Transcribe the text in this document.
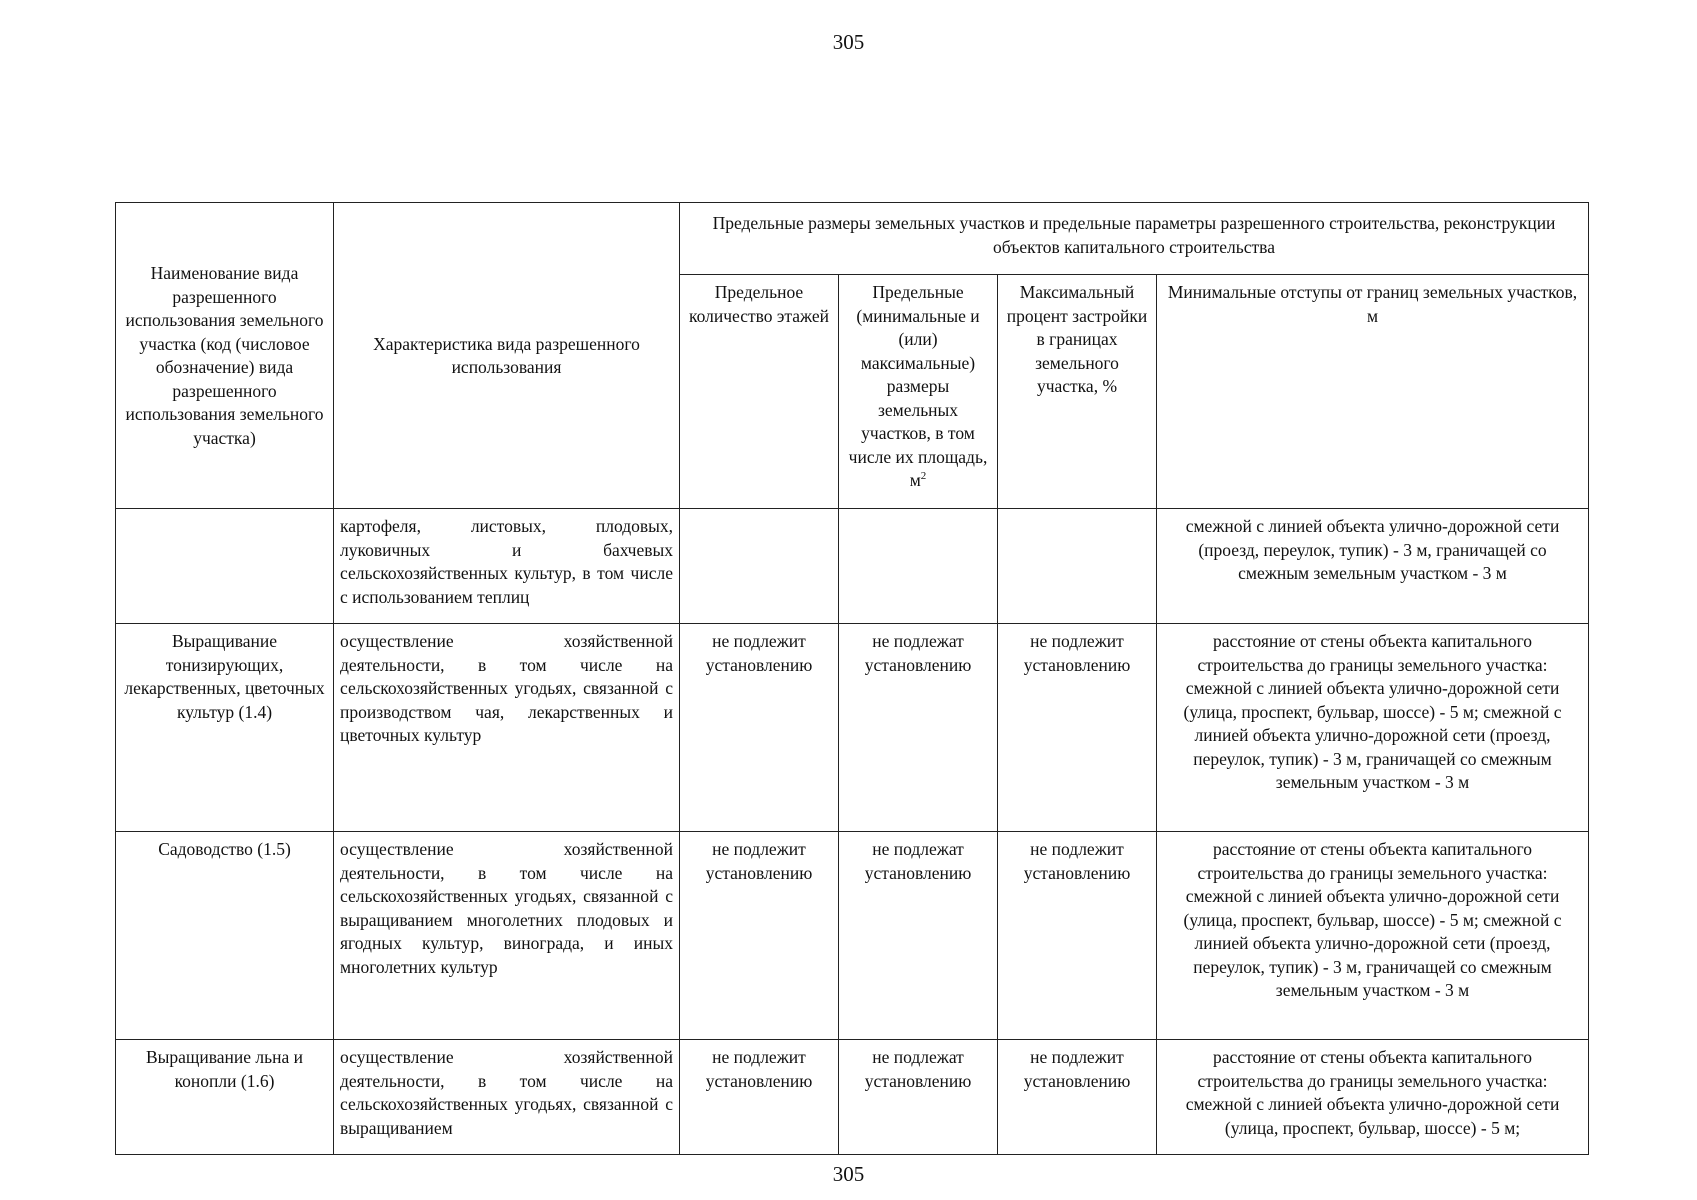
305
Наименование вида разрешенного использования земельного участка (код (числовое обозначение) вида разрешенного использования земельного участка)	Характеристика вида разрешенного использования	Предельные размеры земельных участков и предельные параметры разрешенного строительства, реконструкции объектов капитального строительства			
		Предельное количество этажей	Предельные (минимальные и (или) максимальные) размеры земельных участков, в том числе их площадь, $м^2$	Максимальный процент застройки в границах земельного участка, %	Минимальные отступы от границ земельных участков, м
	картофеля, листовых, плодовых, луковичных и бахчевых сельскохозяйственных культур, в том числе с использованием теплиц				смежной с линией объекта улично-дорожной сети (проезд, переулок, тупик) - 3 м, граничащей со смежным земельным участком - 3 м
Выращивание тонизирующих, лекарственных, цветочных культур (1.4)	осуществление хозяйственной деятельности, в том числе на сельскохозяйственных угодьях, связанной с производством чая, лекарственных и цветочных культур	не подлежит установлению	не подлежат установлению	не подлежит установлению	расстояние от стены объекта капитального строительства до границы земельного участка: смежной с линией объекта улично-дорожной сети (улица, проспект, бульвар, шоссе) - 5 м; смежной с линией объекта улично-дорожной сети (проезд, переулок, тупик) - 3 м, граничащей со смежным земельным участком - 3 м
Садоводство (1.5)	осуществление хозяйственной деятельности, в том числе на сельскохозяйственных угодьях, связанной с выращиванием многолетних плодовых и ягодных культур, винограда, и иных многолетних культур	не подлежит установлению	не подлежат установлению	не подлежит установлению	расстояние от стены объекта капитального строительства до границы земельного участка: смежной с линией объекта улично-дорожной сети (улица, проспект, бульвар, шоссе) - 5 м; смежной с линией объекта улично-дорожной сети (проезд, переулок, тупик) - 3 м, граничащей со смежным земельным участком - 3 м
Выращивание льна и конопли (1.6)	осуществление хозяйственной деятельности, в том числе на сельскохозяйственных угодьях, связанной с выращиванием	не подлежит установлению	не подлежат установлению	не подлежит установлению	расстояние от стены объекта капитального строительства до границы земельного участка: смежной с линией объекта улично-дорожной сети (улица, проспект, бульвар, шоссе) - 5 м;
305
